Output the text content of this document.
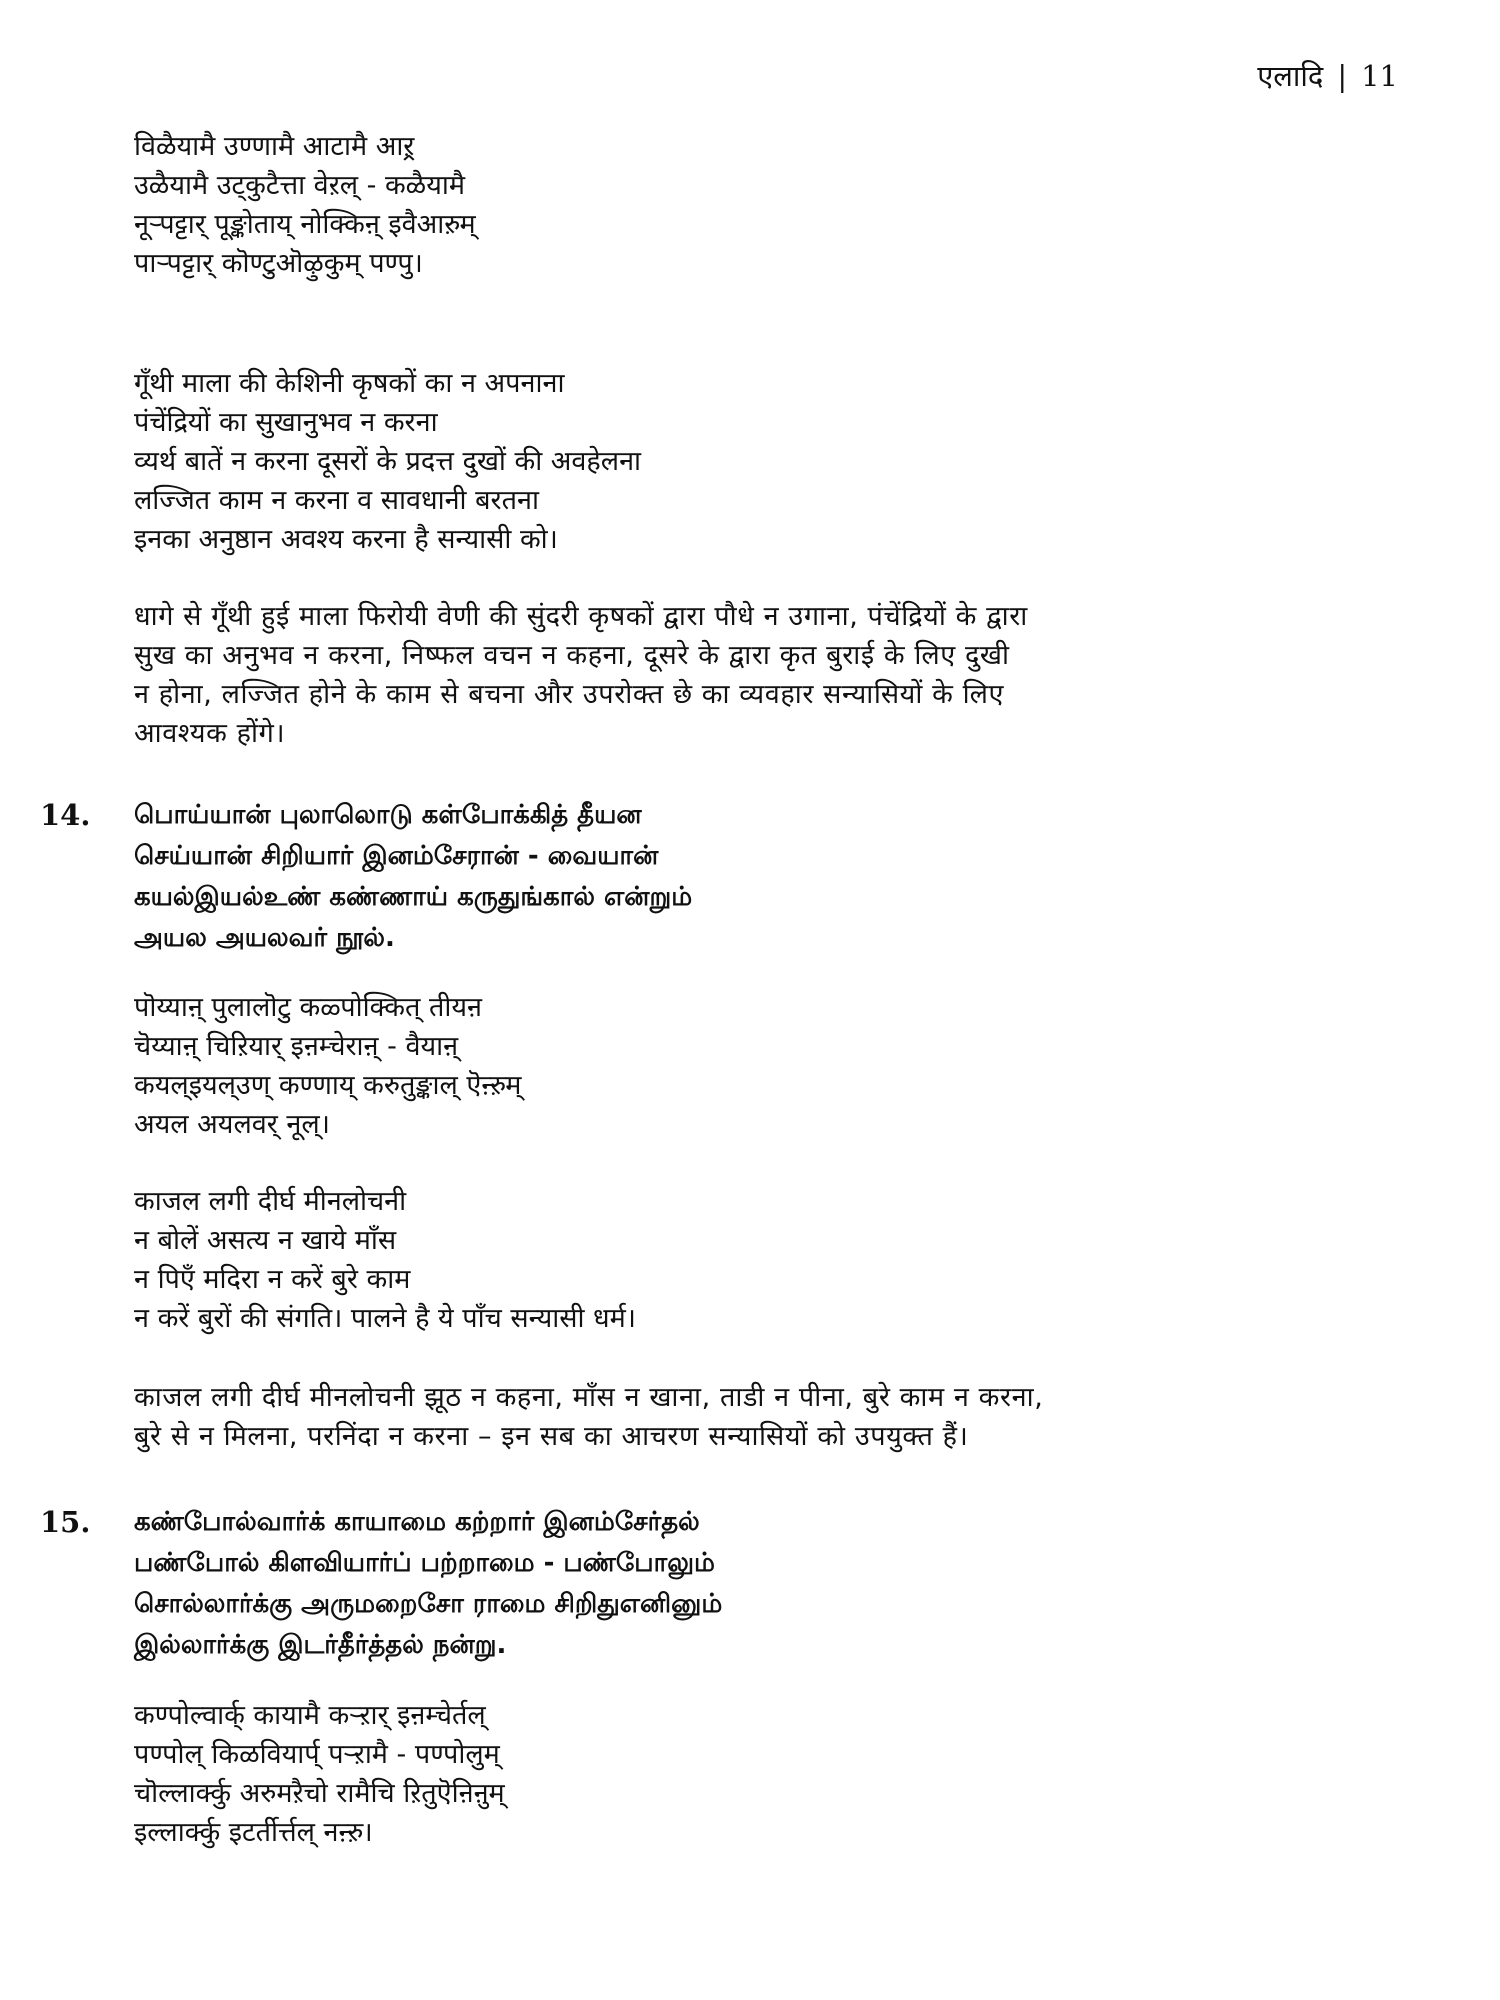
एलादि | 11
विळैयामै उण्णामै आटामै आऱ्र
उळैयामै उट्कुटैत्ता वेऱल् - कळैयामै
नूऱ्पट्टार् पूङ्कोताय् नोक्किऩ् इवैआऱुम्
पाऱ्पट्टार् कॊण्टुऒऴुकुम् पण्पु।
गूँथी माला की केशिनी कृषकों का न अपनाना
पंचेंद्रियों का सुखानुभव न करना
व्यर्थ बातें न करना दूसरों के प्रदत्त दुखों की अवहेलना
लज्जित काम न करना व सावधानी बरतना
इनका अनुष्ठान अवश्य करना है सन्यासी को।
धागे से गूँथी हुई माला फिरोयी वेणी की सुंदरी कृषकों द्वारा पौधे न उगाना, पंचेंद्रियों के द्वारा
सुख का अनुभव न करना, निष्फल वचन न कहना, दूसरे के द्वारा कृत बुराई के लिए दुखी
न होना, लज्जित होने के काम से बचना और उपरोक्त छे का व्यवहार सन्यासियों के लिए
आवश्यक होंगे।
14. பொய்யான் புலாலொடு கள்போக்கித் தீயன
செய்யான் சிறியார் இனம்சேரான் - வையான்
கயல்இயல்உண் கண்ணாய் கருதுங்கால் என்றும்
அயல அயலவர் நூல்.
पॊय्याऩ् पुलालॊटु कळ्पोक्कित् तीयऩ
चॆय्याऩ् चिऱियार् इऩम्चेराऩ् - वैयाऩ्
कयल्इयल्उण् कण्णाय् करुतुङ्काल् ऎऩ्ऱुम्
अयल अयलवर् नूल्।
काजल लगी दीर्घ मीनलोचनी
न बोलें असत्य न खाये माँस
न पिएँ मदिरा न करें बुरे काम
न करें बुरों की संगति। पालने है ये पाँच सन्यासी धर्म।
काजल लगी दीर्घ मीनलोचनी झूठ न कहना, माँस न खाना, ताडी न पीना, बुरे काम न करना,
बुरे से न मिलना, परनिंदा न करना – इन सब का आचरण सन्यासियों को उपयुक्त हैं।
15. கண்போல்வார்க் காயாமை கற்றார் இனம்சேர்தல்
பண்போல் கிளவியார்ப் பற்றாமை - பண்போலும்
சொல்லார்க்கு அருமறைசோ ராமை சிறிதுஎனினும்
இல்லார்க்கு இடர்தீர்த்தல் நன்று.
कण्पोल्वार्क् कायामै कऱ्ऱार् इऩम्चेर्तल्
पण्पोल् किळवियार्प् पऱ्ऱामै - पण्पोलुम्
चॊल्लार्क्कु अरुमऱैचो रामैचि ऱितुऎऩिऩुम्
इल्लार्क्कु इटर्तीर्त्तल् नऩ्ऱु।
